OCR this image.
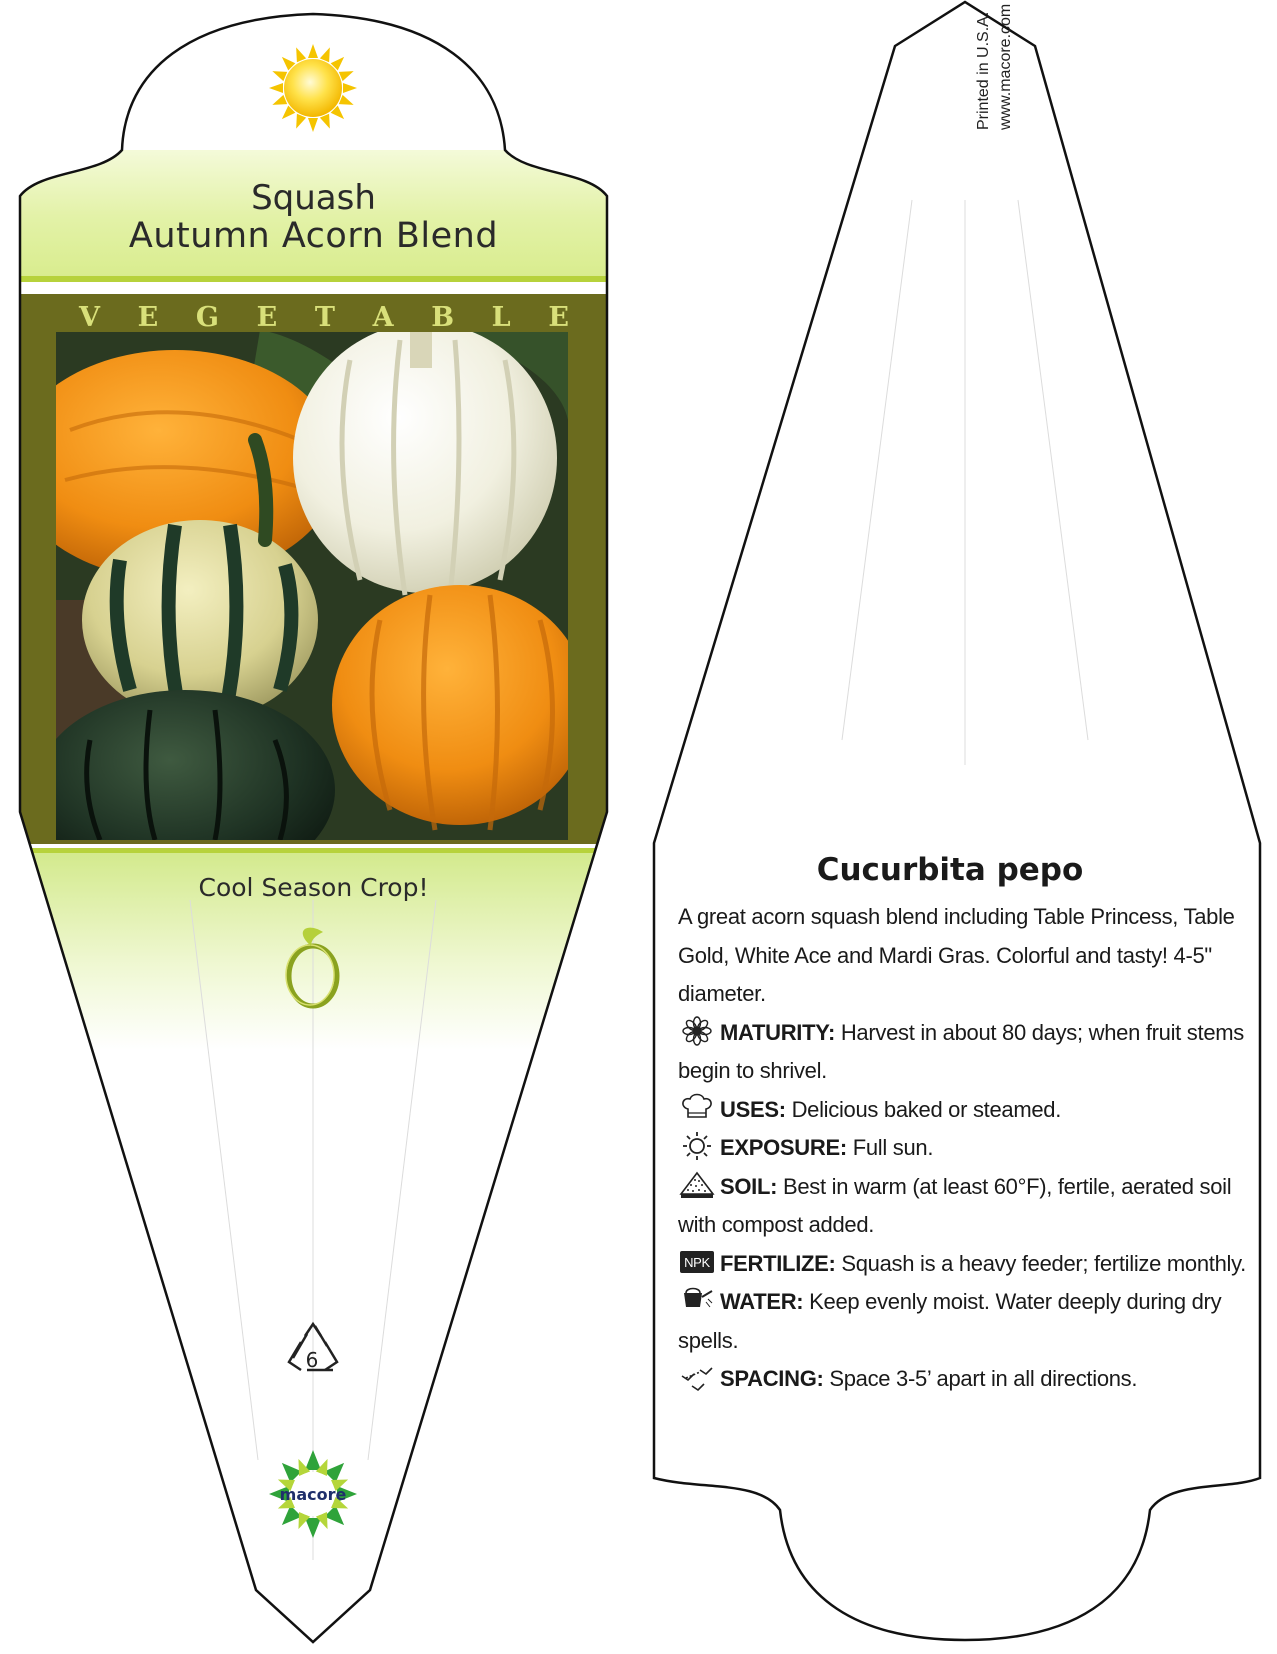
Squash
Autumn Acorn Blend
V E G E T A B L E
Cool Season Crop!
6
macore
Printed in U.S.A. www.macore.com
Cucurbita pepo

A great acorn squash blend including Table Princess, Table Gold, White Ace and Mardi Gras. Colorful and tasty! 4-5" diameter.

MATURITY: Harvest in about 80 days; when fruit stems begin to shrivel.

USES: Delicious baked or steamed.

EXPOSURE: Full sun.

SOIL: Best in warm (at least 60°F), fertile, aerated soil with compost added.

NPK FERTILIZE: Squash is a heavy feeder; fertilize monthly.

WATER: Keep evenly moist. Water deeply during dry spells.

SPACING: Space 3-5’ apart in all directions.
